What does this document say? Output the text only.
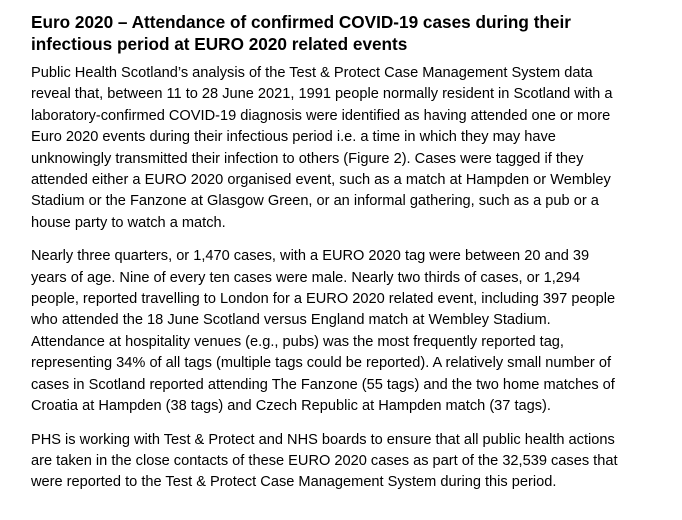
Euro 2020 – Attendance of confirmed COVID-19 cases during their
infectious period at EURO 2020 related events

Public Health Scotland’s analysis of the Test & Protect Case Management System data
reveal that, between 11 to 28 June 2021, 1991 people normally resident in Scotland with a
laboratory-confirmed COVID-19 diagnosis were identified as having attended one or more
Euro 2020 events during their infectious period i.e. a time in which they may have
unknowingly transmitted their infection to others (Figure 2). Cases were tagged if they
attended either a EURO 2020 organised event, such as a match at Hampden or Wembley
Stadium or the Fanzone at Glasgow Green, or an informal gathering, such as a pub or a
house party to watch a match.

Nearly three quarters, or 1,470 cases, with a EURO 2020 tag were between 20 and 39
years of age. Nine of every ten cases were male. Nearly two thirds of cases, or 1,294
people, reported travelling to London for a EURO 2020 related event, including 397 people
who attended the 18 June Scotland versus England match at Wembley Stadium.
Attendance at hospitality venues (e.g., pubs) was the most frequently reported tag,
representing 34% of all tags (multiple tags could be reported). A relatively small number of
cases in Scotland reported attending The Fanzone (55 tags) and the two home matches of
Croatia at Hampden (38 tags) and Czech Republic at Hampden match (37 tags).

PHS is working with Test & Protect and NHS boards to ensure that all public health actions
are taken in the close contacts of these EURO 2020 cases as part of the 32,539 cases that
were reported to the Test & Protect Case Management System during this period.
